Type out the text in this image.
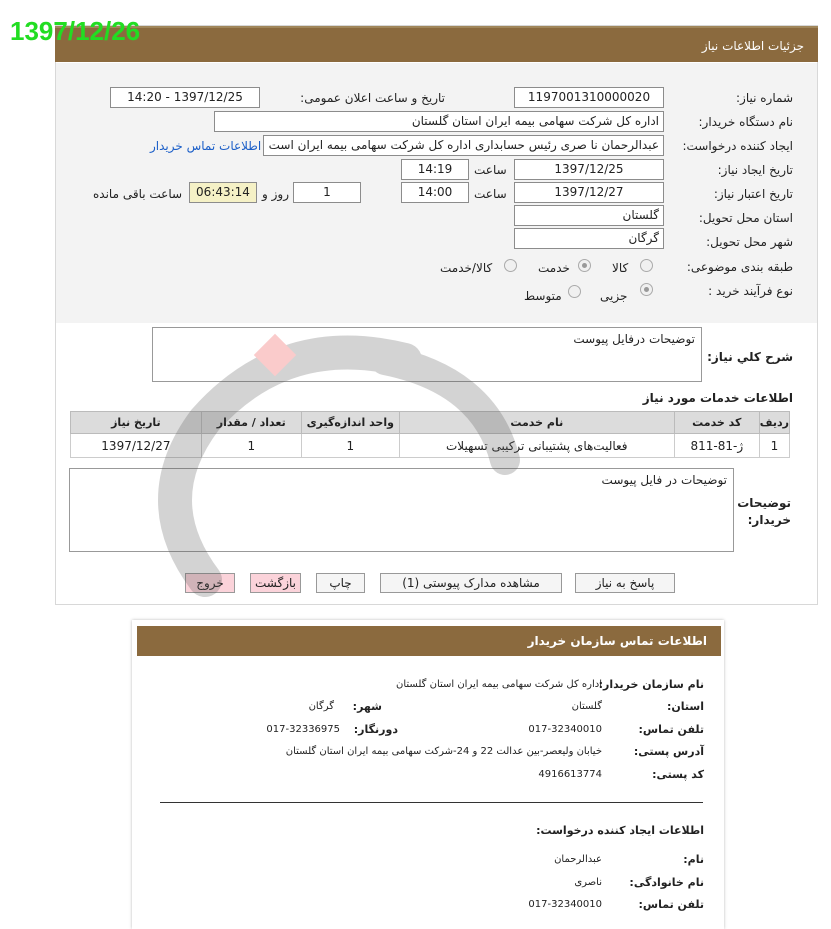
جزئیات اطلاعات نیاز
1397/12/26
شماره نیاز:
1197001310000020
تاریخ و ساعت اعلان عمومی:
1397/12/25 - 14:20
نام دستگاه خریدار:
اداره کل شرکت سهامی بیمه ایران استان گلستان
ایجاد کننده درخواست:
عبدالرحمان نا صری رئیس حسابداری اداره کل شرکت سهامی بیمه ایران است
اطلاعات تماس خریدار
تاریخ ایجاد نیاز:
1397/12/25
ساعت
14:19
تاریخ اعتبار نیاز:
1397/12/27
ساعت
14:00
1
روز و
06:43:14
ساعت باقی مانده
استان محل تحویل:
گلستان
شهر محل تحویل:
گرگان
طبقه بندی موضوعی:
کالا
خدمت
کالا/خدمت
نوع فرآیند خرید :
جزیی
متوسط
شرح کلي نیاز:
توضیحات درفایل پیوست
اطلاعات خدمات مورد نیاز
ردیف	کد خدمت	نام خدمت	واحد اندازه‌گیری	تعداد / مقدار	تاریخ نیاز
1	ژ-81-811	فعالیت‌های پشتیبانی ترکیبی تسهیلات	1	1	1397/12/27
توضیحات
خریدار:
توضیحات در فایل پیوست
پاسخ به نیاز
مشاهده مدارک پیوستی (1)
چاپ
بازگشت
خروج
اطلاعات تماس سازمان خریدار
نام سازمان خریدار:
اداره کل شرکت سهامی بیمه ایران استان گلستان
استان:
گلستان
شهر:
گرگان
تلفن تماس:
017-32340010
دورنگار:
017-32336975
آدرس پستی:
خیابان ولیعصر-بین عدالت 22 و 24-شرکت سهامی بیمه ایران استان گلستان
کد پستی:
4916613774
اطلاعات ایجاد کننده درخواست:
نام:
عبدالرحمان
نام خانوادگی:
ناصری
تلفن تماس:
017-32340010
